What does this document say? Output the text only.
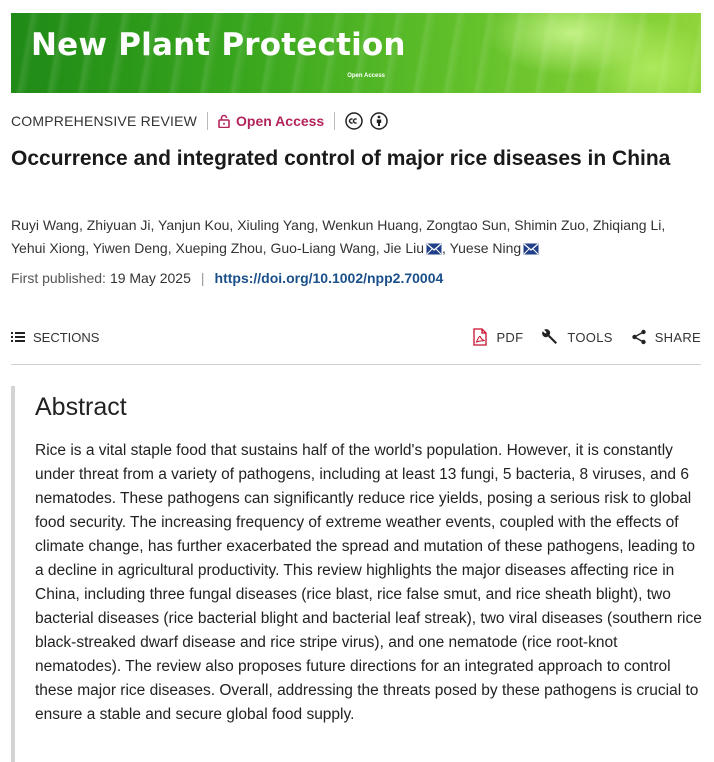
New Plant Protection
Open Access
COMPREHENSIVE REVIEW	Open Access
Occurrence and integrated control of major rice diseases in China
Ruyi Wang, Zhiyuan Ji, Yanjun Kou, Xiuling Yang, Wenkun Huang, Zongtao Sun, Shimin Zuo, Zhiqiang Li, Yehui Xiong, Yiwen Deng, Xueping Zhou, Guo-Liang Wang, Jie Liu , Yuese Ning
First published: 19 May 2025 | https://doi.org/10.1002/npp2.70004
SECTIONS	PDF	TOOLS	SHARE
Abstract

Rice is a vital staple food that sustains half of the world's population. However, it is constantly under threat from a variety of pathogens, including at least 13 fungi, 5 bacteria, 8 viruses, and 6 nematodes. These pathogens can significantly reduce rice yields, posing a serious risk to global food security. The increasing frequency of extreme weather events, coupled with the effects of climate change, has further exacerbated the spread and mutation of these pathogens, leading to a decline in agricultural productivity. This review highlights the major diseases affecting rice in China, including three fungal diseases (rice blast, rice false smut, and rice sheath blight), two bacterial diseases (rice bacterial blight and bacterial leaf streak), two viral diseases (southern rice black-streaked dwarf disease and rice stripe virus), and one nematode (rice root-knot nematodes). The review also proposes future directions for an integrated approach to control these major rice diseases. Overall, addressing the threats posed by these pathogens is crucial to ensure a stable and secure global food supply.
